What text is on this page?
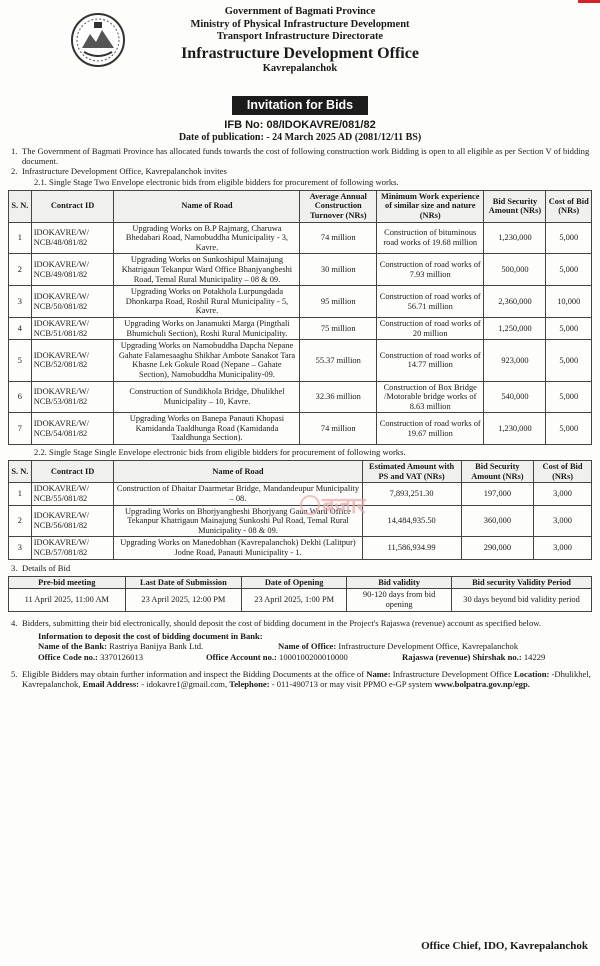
Government of Bagmati Province
Ministry of Physical Infrastructure Development
Transport Infrastructure Directorate
Infrastructure Development Office
Kavrepalanchok
Invitation for Bids
IFB No: 08/IDOKAVRE/081/82
Date of publication: - 24 March 2025 AD (2081/12/11 BS)
1. The Government of Bagmati Province has allocated funds towards the cost of following construction work Bidding is open to all eligible as per Section V of bidding document.
2. Infrastructure Development Office, Kavrepalanchok invites
2.1. Single Stage Two Envelope electronic bids from eligible bidders for procurement of following works.
S. N.	Contract ID	Name of Road	Average Annual Construction Turnover (NRs)	Minimum Work experience of similar size and nature (NRs)	Bid Security Amount (NRs)	Cost of Bid (NRs)
1	IDOKAVRE/W/ NCB/48/081/82	Upgrading Works on B.P Rajmarg, Charuwa Bhedabari Road, Namobuddha Municipality - 3, Kavre.	74 million	Construction of bituminous road works of 19.68 million	1,230,000	5,000
2	IDOKAVRE/W/ NCB/49/081/82	Upgrading Works on Sunkoshipul Mainajung Khatrigaun Tekanpur Ward Office Bhanjyangbeshi Road, Temal Rural Municipality – 08 & 09.	30 million	Construction of road works of 7.93 million	500,000	5,000
3	IDOKAVRE/W/ NCB/50/081/82	Upgrading Works on Potakhola Lurpungdada Dhonkarpa Road, Roshil Rural Municipality - 5, Kavre.	95 million	Construction of road works of 56.71 million	2,360,000	10,000
4	IDOKAVRE/W/ NCB/51/081/82	Upgrading Works on Janamukti Marga (Pingthali Bhumichuli Section), Roshi Rural Municipality.	75 million	Construction of road works of 20 million	1,250,000	5,000
5	IDOKAVRE/W/ NCB/52/081/82	Upgrading Works on Namobuddha Dapcha Nepane Gahate Falamesaaghu Shikhar Ambote Sanakot Tara Khasne Lek Gokule Road (Nepane – Gahate Section), Namobuddha Municipality-09.	55.37 million	Construction of road works of 14.77 million	923,000	5,000
6	IDOKAVRE/W/ NCB/53/081/82	Construction of Sundikhola Bridge, Dhulikhel Municipality – 10, Kavre.	32.36 million	Construction of Box Bridge /Motorable bridge works of 8.63 million	540,000	5,000
7	IDOKAVRE/W/ NCB/54/081/82	Upgrading Works on Banepa Panauti Khopasi Kamidanda Taaldhunga Road (Kamidanda Taaldhunga Section).	74 million	Construction of road works of 19.67 million	1,230,000	5,000
2.2. Single Stage Single Envelope electronic bids from eligible bidders for procurement of following works.
S. N.	Contract ID	Name of Road	Estimated Amount with PS and VAT (NRs)	Bid Security Amount (NRs)	Cost of Bid (NRs)
1	IDOKAVRE/W/ NCB/55/081/82	Construction of Dhaitar Daarmetar Bridge, Mandandeupur Municipality – 08.	7,893,251.30	197,000	3,000
2	IDOKAVRE/W/ NCB/56/081/82	Upgrading Works on Bhorjyangbeshi Bhorjyang Gaun Ward Office Tekanpur Khatrigaun Mainajung Sunkoshi Pul Road, Temal Rural Municipality - 08 & 09.	14,484,935.50	360,000	3,000
3	IDOKAVRE/W/ NCB/57/081/82	Upgrading Works on Manedobhan (Kavrepalanchok) Dekhi (Lalitpur) Jodne Road, Panauti Municipality - 1.	11,586,934.99	290,000	3,000
3. Details of Bid
Pre-bid meeting	Last Date of Submission	Date of Opening	Bid validity	Bid security Validity Period
11 April 2025, 11:00 AM	23 April 2025, 12:00 PM	23 April 2025, 1:00 PM	90-120 days from bid opening	30 days beyond bid validity period
4. Bidders, submitting their bid electronically, should deposit the cost of bidding document in the Project's Rajaswa (revenue) account as specified below.
Information to deposit the cost of bidding document in Bank:
Name of the Bank: Rastriya Banijya Bank Ltd.	Name of Office: Infrastructure Development Office, Kavrepalanchok
Office Code no.: 3370126013	Office Account no.: 1000100200010000	Rajaswa (revenue) Shirshak no.: 14229
5. Eligible Bidders may obtain further information and inspect the Bidding Documents at the office of Name: Infrastructure Development Office Location: -Dhulikhel, Kavrepalanchok, Email Address: - idokavre1@gmail.com, Telephone: - 011-490713 or may visit PPMO e-GP system www.bolpatra.gov.np/egp.
Office Chief, IDO, Kavrepalanchok
बजार
